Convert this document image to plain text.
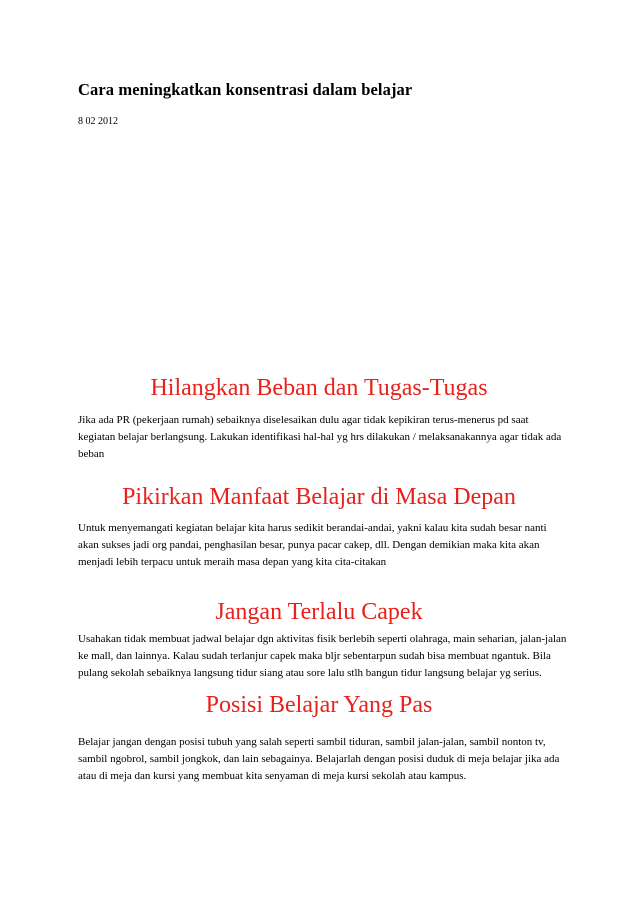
Cara meningkatkan konsentrasi dalam belajar
8 02 2012
Hilangkan Beban dan Tugas-Tugas

Jika ada PR (pekerjaan rumah) sebaiknya diselesaikan dulu agar tidak kepikiran terus-menerus pd saat kegiatan belajar berlangsung. Lakukan identifikasi hal-hal yg hrs dilakukan / melaksanakannya agar tidak ada beban

Pikirkan Manfaat Belajar di Masa Depan

Untuk menyemangati kegiatan belajar kita harus sedikit berandai-andai, yakni kalau kita sudah besar nanti akan sukses jadi org pandai, penghasilan besar, punya pacar cakep, dll. Dengan demikian maka kita akan menjadi lebih terpacu untuk meraih masa depan yang kita cita-citakan

Jangan Terlalu Capek

Usahakan tidak membuat jadwal belajar dgn aktivitas fisik berlebih seperti olahraga, main seharian, jalan-jalan ke mall, dan lainnya. Kalau sudah terlanjur capek maka bljr sebentarpun sudah bisa membuat ngantuk. Bila pulang sekolah sebaiknya langsung tidur siang atau sore lalu stlh bangun tidur langsung belajar yg serius.

Posisi Belajar Yang Pas

Belajar jangan dengan posisi tubuh yang salah seperti sambil tiduran, sambil jalan-jalan, sambil nonton tv, sambil ngobrol, sambil jongkok, dan lain sebagainya. Belajarlah dengan posisi duduk di meja belajar jika ada atau di meja dan kursi yang membuat kita senyaman di meja kursi sekolah atau kampus.
